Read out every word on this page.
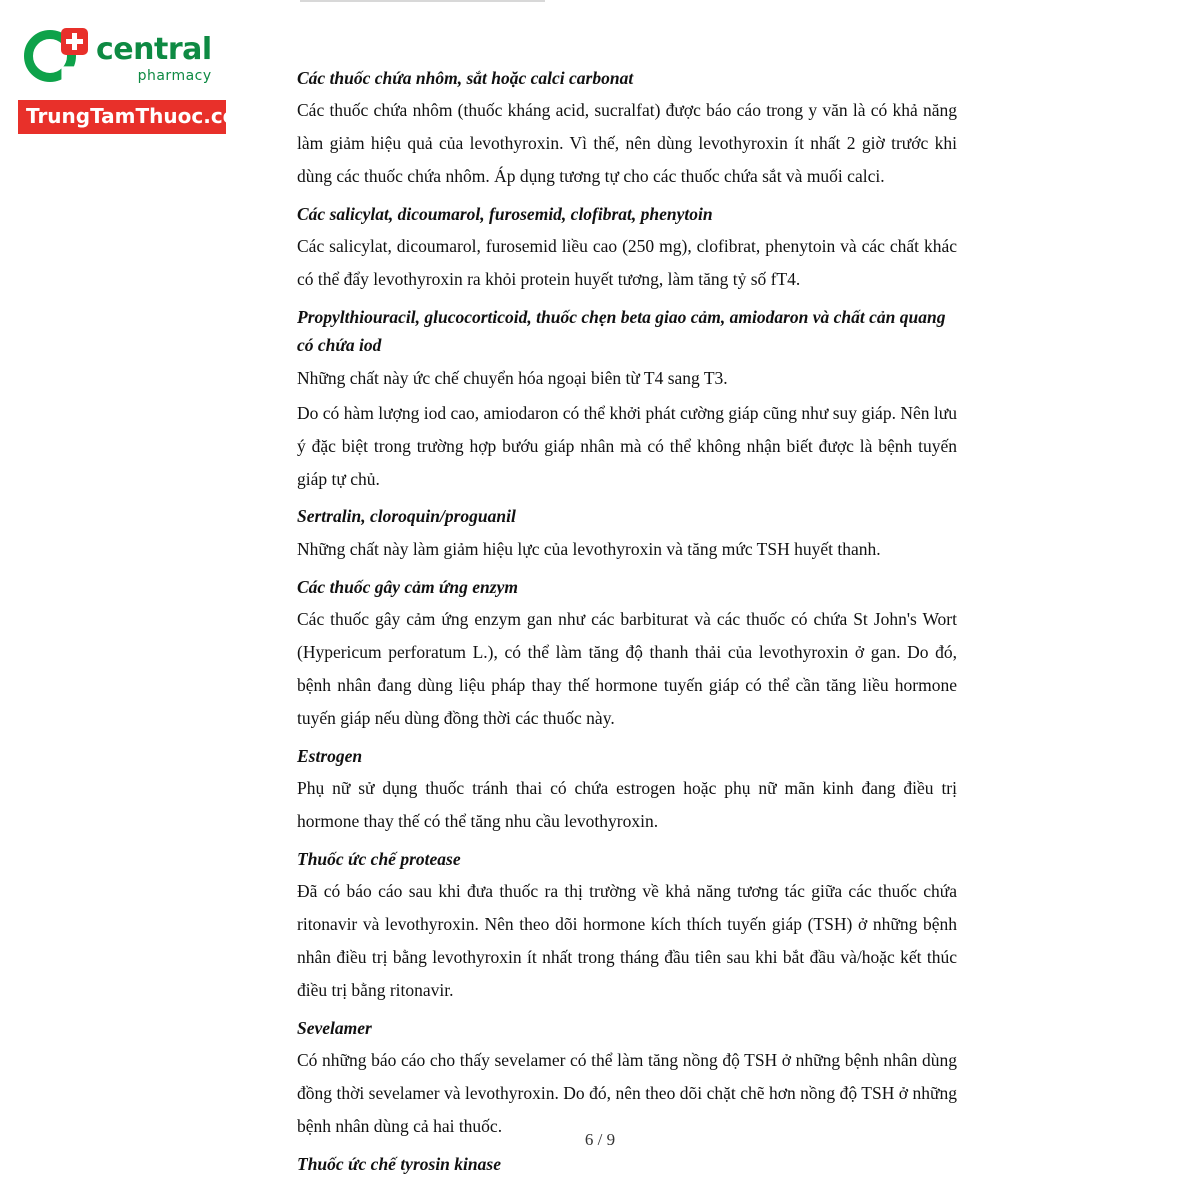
central
pharmacy
TrungTamThuoc.com
Các thuốc chứa nhôm, sắt hoặc calci carbonat
Các thuốc chứa nhôm (thuốc kháng acid, sucralfat) được báo cáo trong y văn là có khả năng làm giảm hiệu quả của levothyroxin. Vì thế, nên dùng levothyroxin ít nhất 2 giờ trước khi dùng các thuốc chứa nhôm. Áp dụng tương tự cho các thuốc chứa sắt và muối calci.
Các salicylat, dicoumarol, furosemid, clofibrat, phenytoin
Các salicylat, dicoumarol, furosemid liều cao (250 mg), clofibrat, phenytoin và các chất khác có thể đẩy levothyroxin ra khỏi protein huyết tương, làm tăng tỷ số fT4.
Propylthiouracil, glucocorticoid, thuốc chẹn beta giao cảm, amiodaron và chất cản quang có chứa iod
Những chất này ức chế chuyển hóa ngoại biên từ T4 sang T3.
Do có hàm lượng iod cao, amiodaron có thể khởi phát cường giáp cũng như suy giáp. Nên lưu ý đặc biệt trong trường hợp bướu giáp nhân mà có thể không nhận biết được là bệnh tuyến giáp tự chủ.
Sertralin, cloroquin/proguanil
Những chất này làm giảm hiệu lực của levothyroxin và tăng mức TSH huyết thanh.
Các thuốc gây cảm ứng enzym
Các thuốc gây cảm ứng enzym gan như các barbiturat và các thuốc có chứa St John's Wort (Hypericum perforatum L.), có thể làm tăng độ thanh thải của levothyroxin ở gan. Do đó, bệnh nhân đang dùng liệu pháp thay thế hormone tuyến giáp có thể cần tăng liều hormone tuyến giáp nếu dùng đồng thời các thuốc này.
Estrogen
Phụ nữ sử dụng thuốc tránh thai có chứa estrogen hoặc phụ nữ mãn kinh đang điều trị hormone thay thế có thể tăng nhu cầu levothyroxin.
Thuốc ức chế protease
Đã có báo cáo sau khi đưa thuốc ra thị trường về khả năng tương tác giữa các thuốc chứa ritonavir và levothyroxin. Nên theo dõi hormone kích thích tuyến giáp (TSH) ở những bệnh nhân điều trị bằng levothyroxin ít nhất trong tháng đầu tiên sau khi bắt đầu và/hoặc kết thúc điều trị bằng ritonavir.
Sevelamer
Có những báo cáo cho thấy sevelamer có thể làm tăng nồng độ TSH ở những bệnh nhân dùng đồng thời sevelamer và levothyroxin. Do đó, nên theo dõi chặt chẽ hơn nồng độ TSH ở những bệnh nhân dùng cả hai thuốc.
Thuốc ức chế tyrosin kinase
6 / 9
